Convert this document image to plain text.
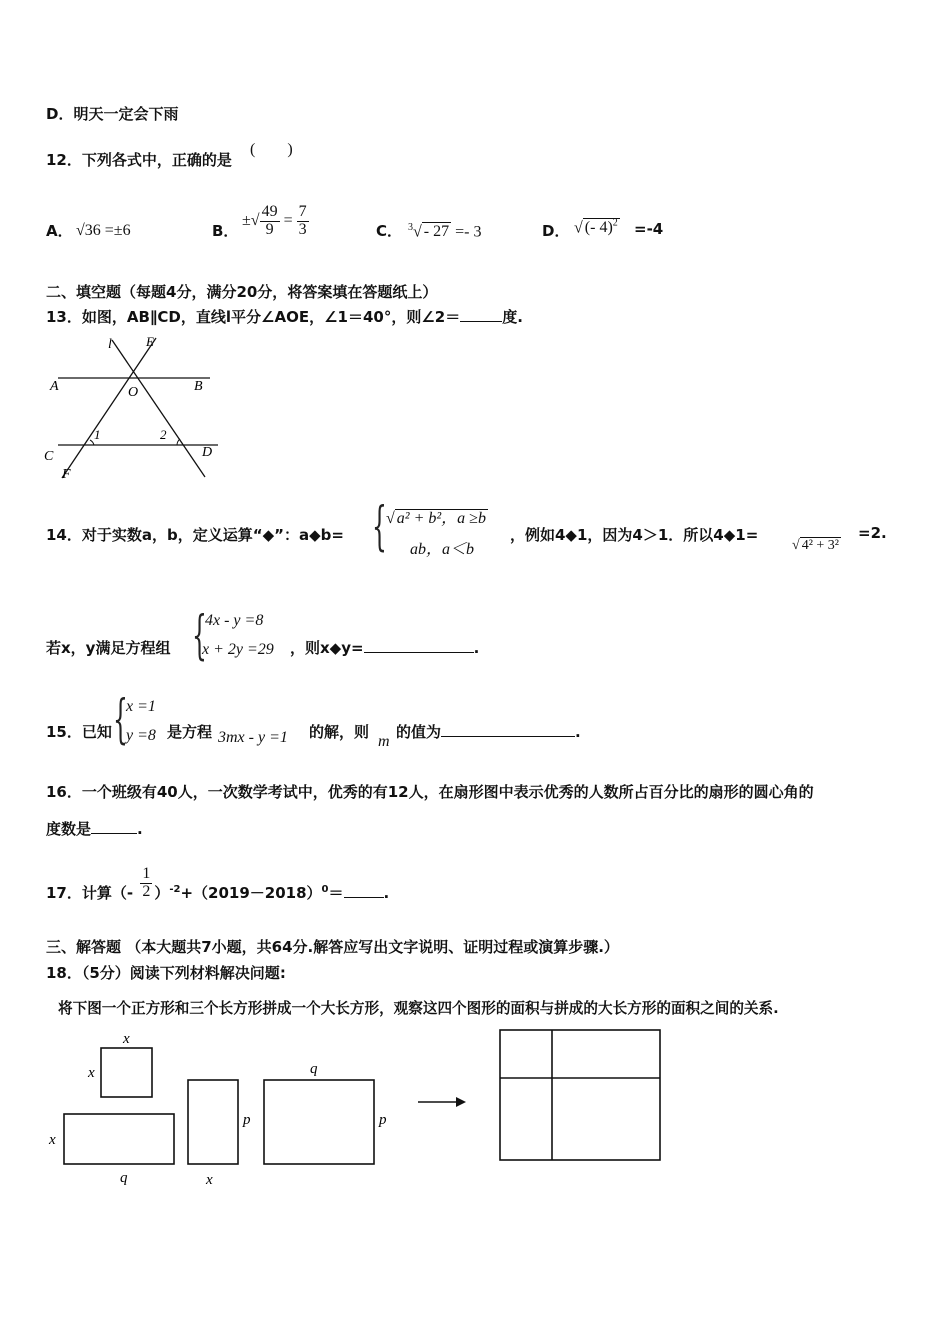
D．明天一定会下雨
12．下列各式中，正确的是
(　　)
A． √36 =±6	B．
±√ $\frac{49}{9} = \frac{7}{3}$	C． $^3$√ - 27 =- 3	D． √ (- 4)$^2$ =-4
二、填空题（每题4分，满分20分，将答案填在答题纸上）
13．如图，AB∥CD，直线l平分∠AOE，∠1＝40°，则∠2＝	度.
l	E
A	O	B
C
F
D
1	2
14．对于实数a，b，定义运算“◆”：a◆b= { √ a² + b²，a ≥b
ab，a＜b
，例如4◆1，因为4＞1．所以4◆1=
√ 4² + 3²
=2.
若x，y满足方程组 {
4x - y =8
x + 2y =29 ，则x◆y=	.
15．已知 {
x =1
y =8 是方程 3mx - y =1 的解，则
m
的值为	.
16．一个班级有40人，一次数学考试中，优秀的有12人，在扇形图中表示优秀的人数所占百分比的扇形的圆心角的
度数是	.
17．计算（- $\frac{1}{2} )^{-2}+(2019-2018)^0=$	.
三、解答题 （本大题共7小题，共64分.解答应写出文字说明、证明过程或演算步骤.）
18．（5分）阅读下列材料解决问题:
将下图一个正方形和三个长方形拼成一个大长方形，观察这四个图形的面积与拼成的大长方形的面积之间的关系.
x
x
x
q
p
x
q
p
